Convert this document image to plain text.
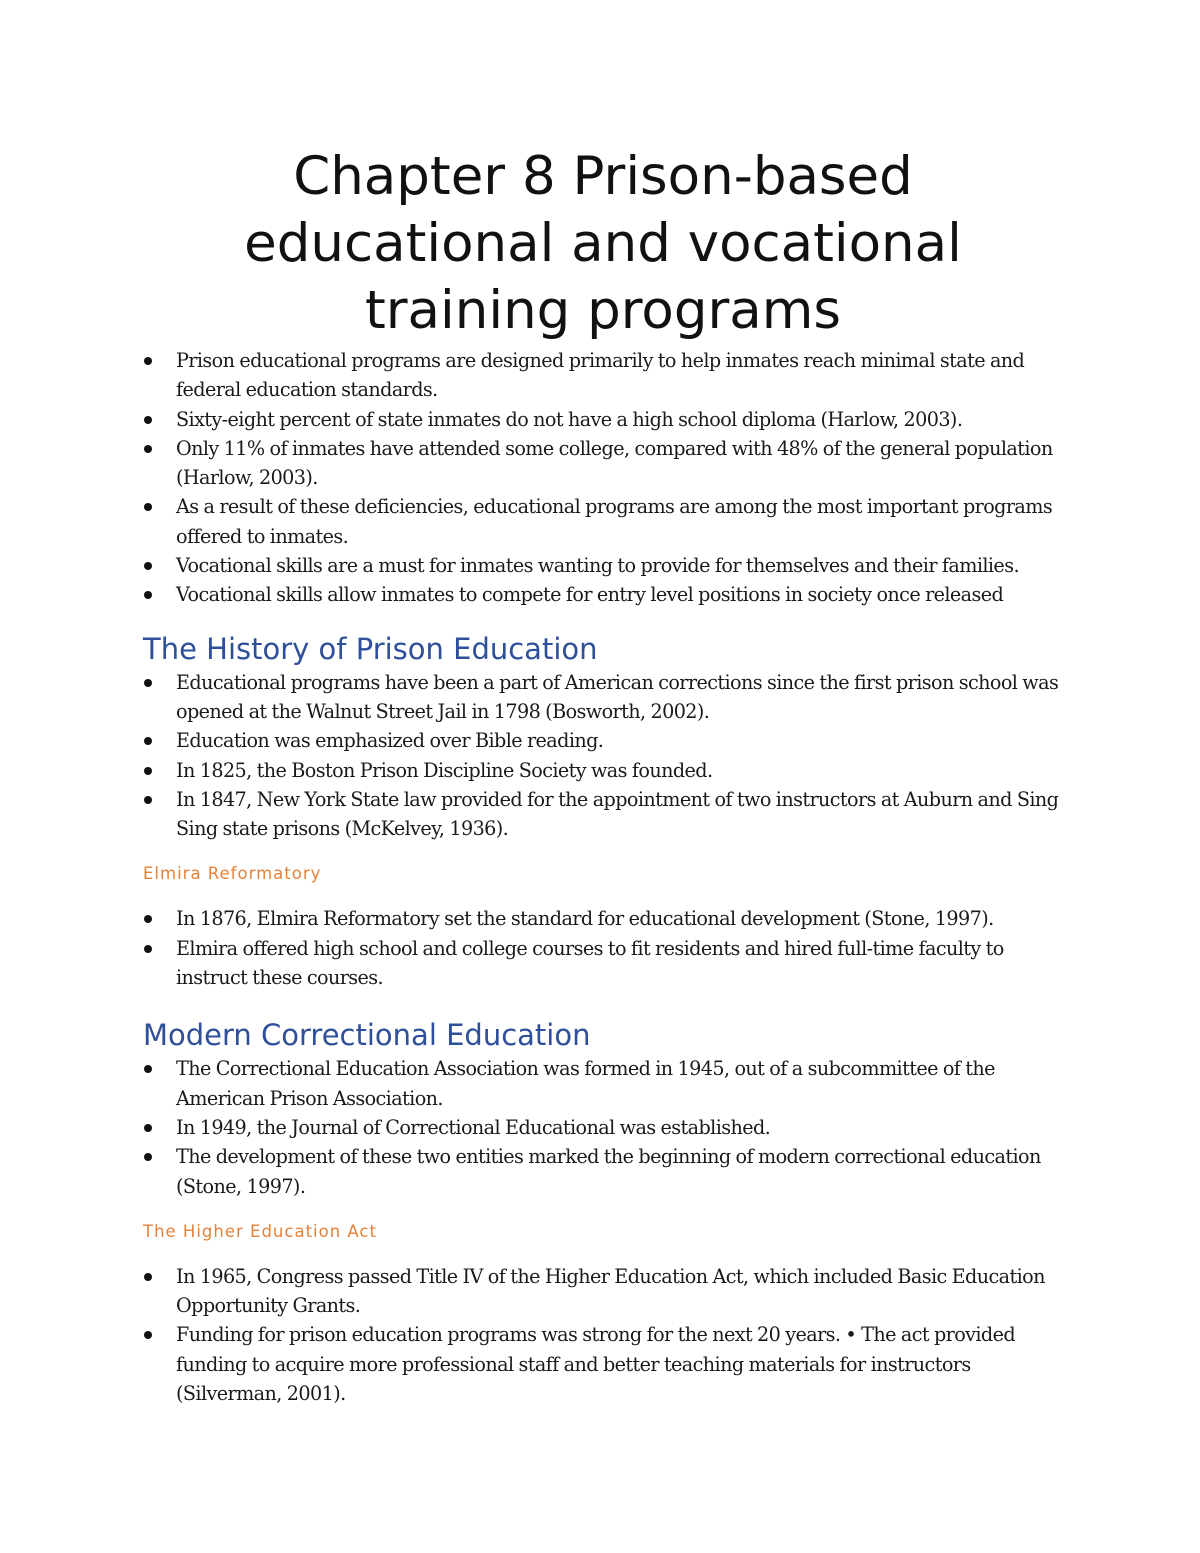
Chapter 8 Prison-based educational and vocational training programs
Prison educational programs are designed primarily to help inmates reach minimal state and federal education standards.
Sixty-eight percent of state inmates do not have a high school diploma (Harlow, 2003).
Only 11% of inmates have attended some college, compared with 48% of the general population (Harlow, 2003).
As a result of these deficiencies, educational programs are among the most important programs offered to inmates.
Vocational skills are a must for inmates wanting to provide for themselves and their families.
Vocational skills allow inmates to compete for entry level positions in society once released
The History of Prison Education
Educational programs have been a part of American corrections since the first prison school was opened at the Walnut Street Jail in 1798 (Bosworth, 2002).
Education was emphasized over Bible reading.
In 1825, the Boston Prison Discipline Society was founded.
In 1847, New York State law provided for the appointment of two instructors at Auburn and Sing Sing state prisons (McKelvey, 1936).
Elmira Reformatory
In 1876, Elmira Reformatory set the standard for educational development (Stone, 1997).
Elmira offered high school and college courses to fit residents and hired full-time faculty to instruct these courses.
Modern Correctional Education
The Correctional Education Association was formed in 1945, out of a subcommittee of the American Prison Association.
In 1949, the Journal of Correctional Educational was established.
The development of these two entities marked the beginning of modern correctional education (Stone, 1997).
The Higher Education Act
In 1965, Congress passed Title IV of the Higher Education Act, which included Basic Education Opportunity Grants.
Funding for prison education programs was strong for the next 20 years. • The act provided funding to acquire more professional staff and better teaching materials for instructors (Silverman, 2001).
